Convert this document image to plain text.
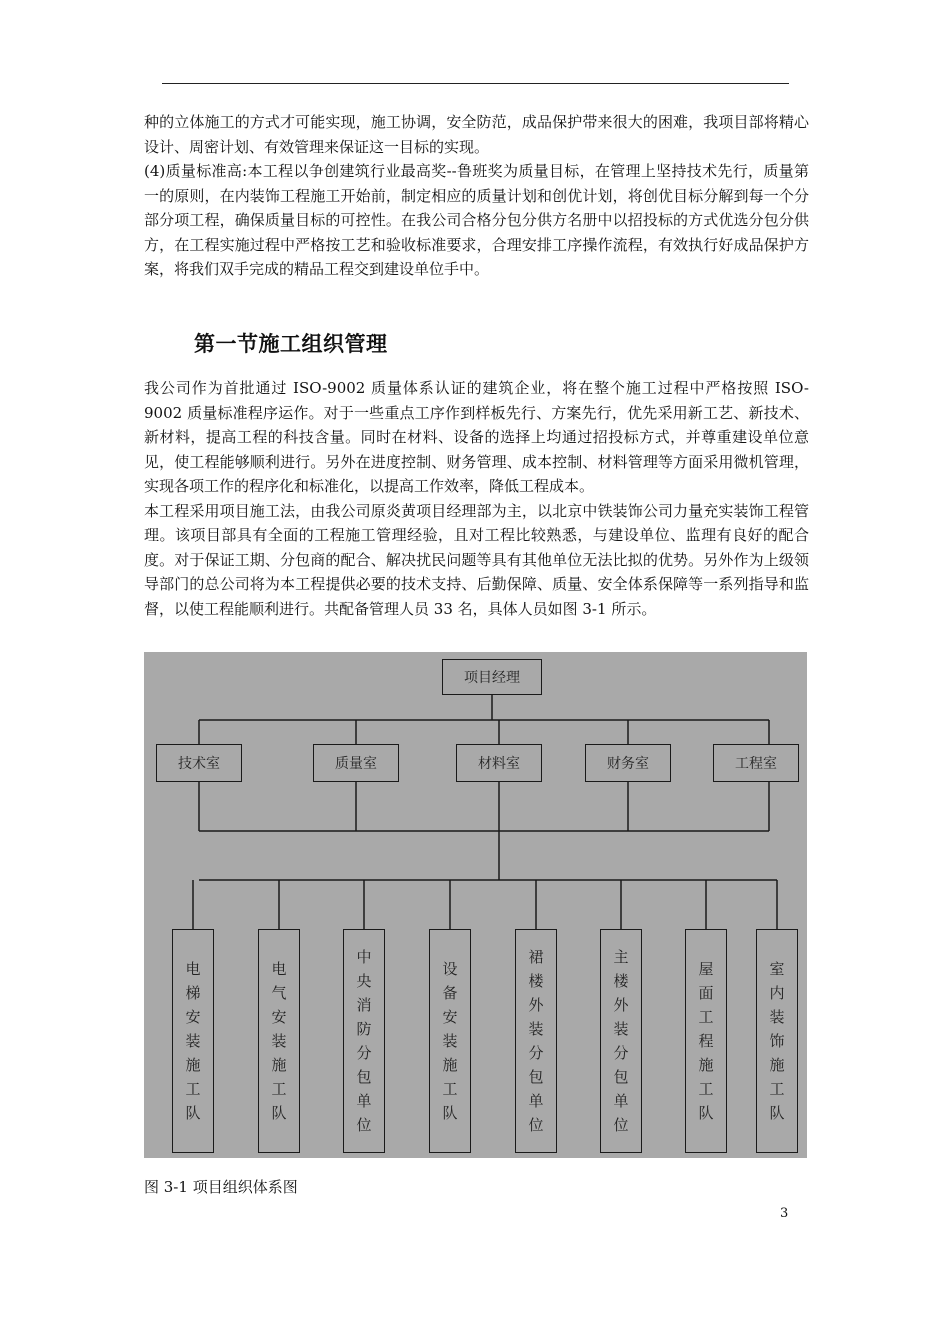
种的立体施工的方式才可能实现，施工协调，安全防范，成品保护带来很大的困难，我项目部将精心设计、周密计划、有效管理来保证这一目标的实现。

(4)质量标准高:本工程以争创建筑行业最高奖--鲁班奖为质量目标，在管理上坚持技术先行，质量第一的原则，在内装饰工程施工开始前，制定相应的质量计划和创优计划，将创优目标分解到每一个分部分项工程，确保质量目标的可控性。在我公司合格分包分供方名册中以招投标的方式优选分包分供方，在工程实施过程中严格按工艺和验收标准要求，合理安排工序操作流程，有效执行好成品保护方案，将我们双手完成的精品工程交到建设单位手中。

第一节施工组织管理

我公司作为首批通过 ISO-9002 质量体系认证的建筑企业，将在整个施工过程中严格按照 ISO-9002 质量标准程序运作。对于一些重点工序作到样板先行、方案先行，优先采用新工艺、新技术、新材料，提高工程的科技含量。同时在材料、设备的选择上均通过招投标方式，并尊重建设单位意见，使工程能够顺利进行。另外在进度控制、财务管理、成本控制、材料管理等方面采用微机管理，实现各项工作的程序化和标准化，以提高工作效率，降低工程成本。

本工程采用项目施工法，由我公司原炎黄项目经理部为主，以北京中铁装饰公司力量充实装饰工程管理。该项目部具有全面的工程施工管理经验，且对工程比较熟悉，与建设单位、监理有良好的配合度。对于保证工期、分包商的配合、解决扰民问题等具有其他单位无法比拟的优势。另外作为上级领导部门的总公司将为本工程提供必要的技术支持、后勤保障、质量、安全体系保障等一系列指导和监督，以使工程能顺利进行。共配备管理人员 33 名，具体人员如图 3-1 所示。

项目经理
技术室	质量室	材料室	财务室	工程室
电
梯
安
装
施
工
队
电
气
安
装
施
工
队
中
央
消
防
分
包
单
位
设
备
安
装
施
工
队
裙
楼
外
装
分
包
单
位
主
楼
外
装
分
包
单
位
屋
面
工
程
施
工
队
室
内
装
饰
施
工
队
图 3-1 项目组织体系图
3
